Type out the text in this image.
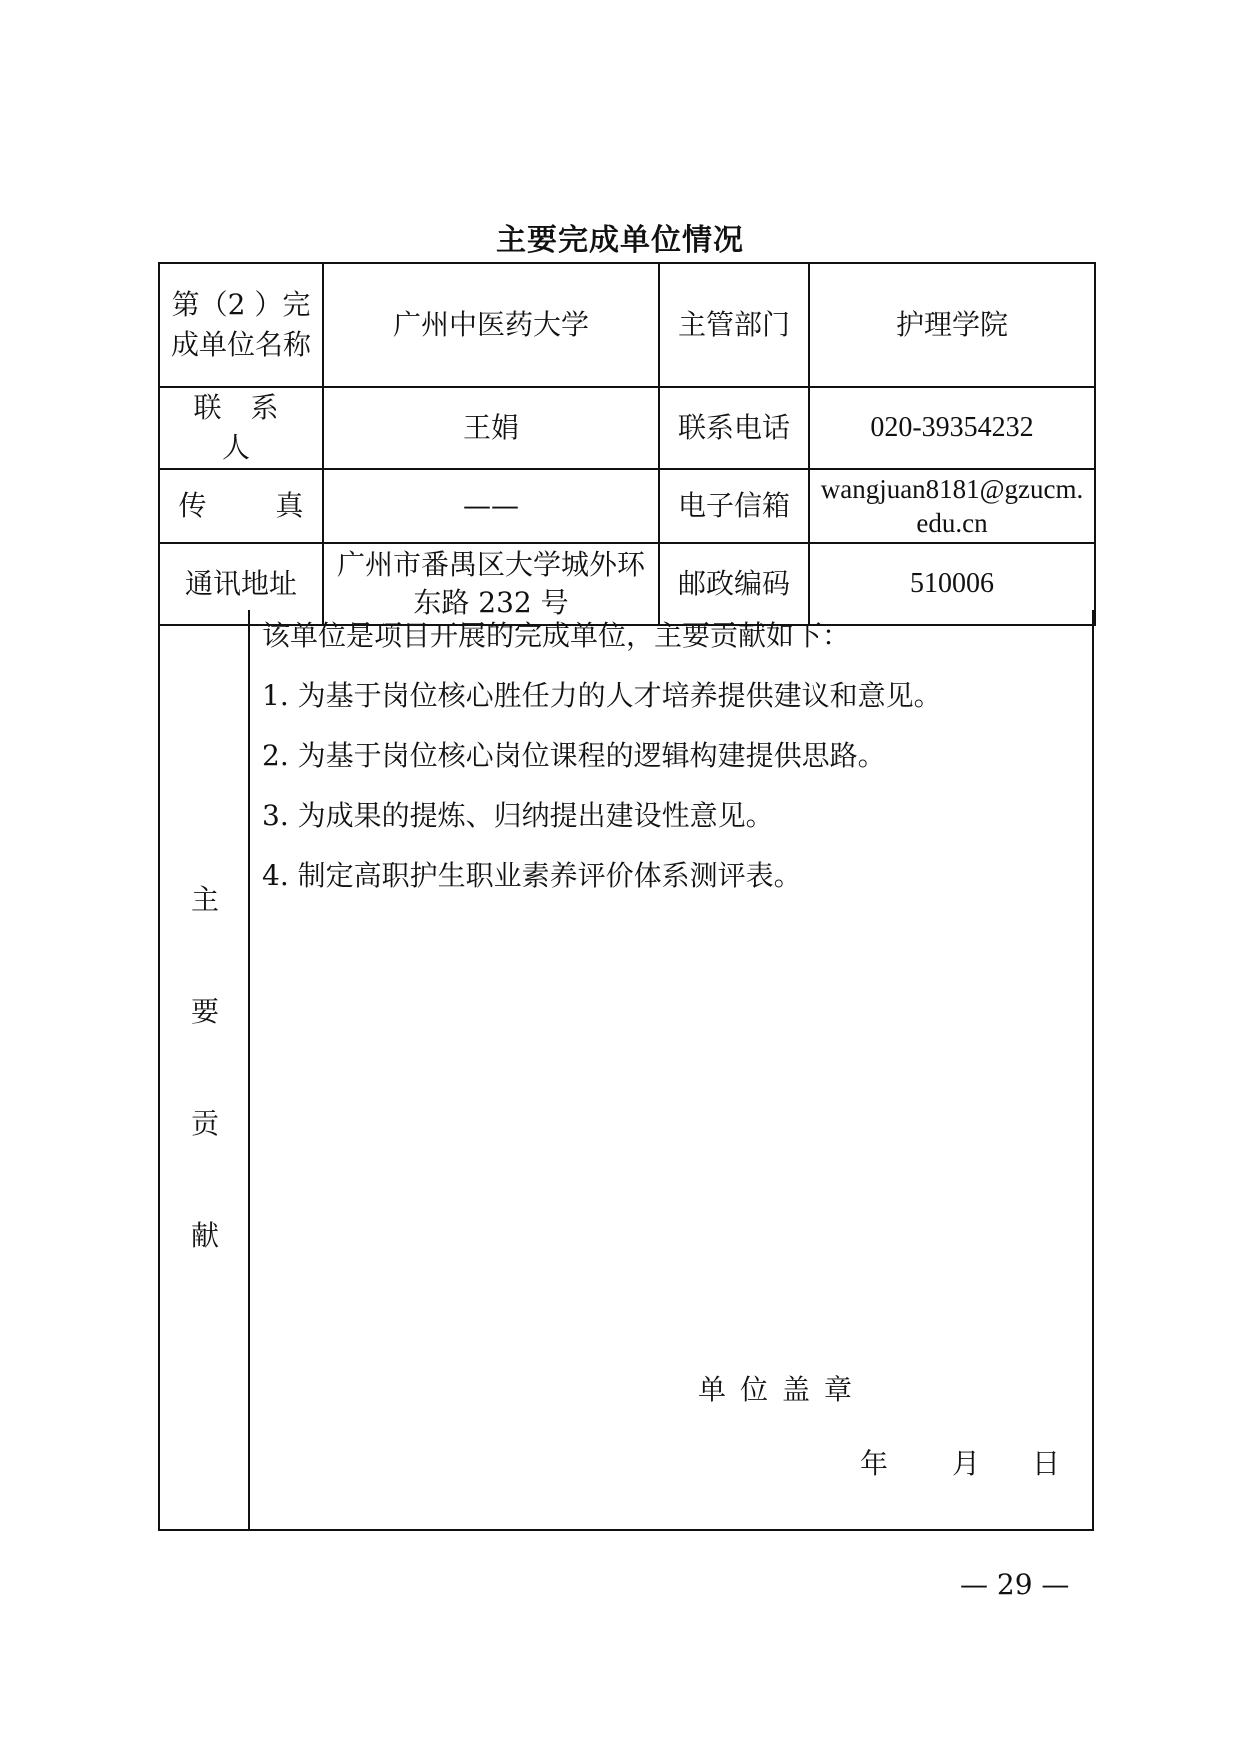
主要完成单位情况
第（2 ）完成单位名称	广州中医药大学	主管部门	护理学院
联 系 人	王娟	联系电话	020-39354232
传 真	——	电子信箱	wangjuan8181@gzucm.edu.cn
通讯地址	广州市番禺区大学城外环东路 232 号	邮政编码	510006
主
要
贡
献

该单位是项目开展的完成单位，主要贡献如下：

1. 为基于岗位核心胜任力的人才培养提供建议和意见。

2. 为基于岗位核心岗位课程的逻辑构建提供思路。

3. 为成果的提炼、归纳提出建设性意见。

4. 制定高职护生职业素养评价体系测评表。

单位盖章
年 月 日
— 29 —
